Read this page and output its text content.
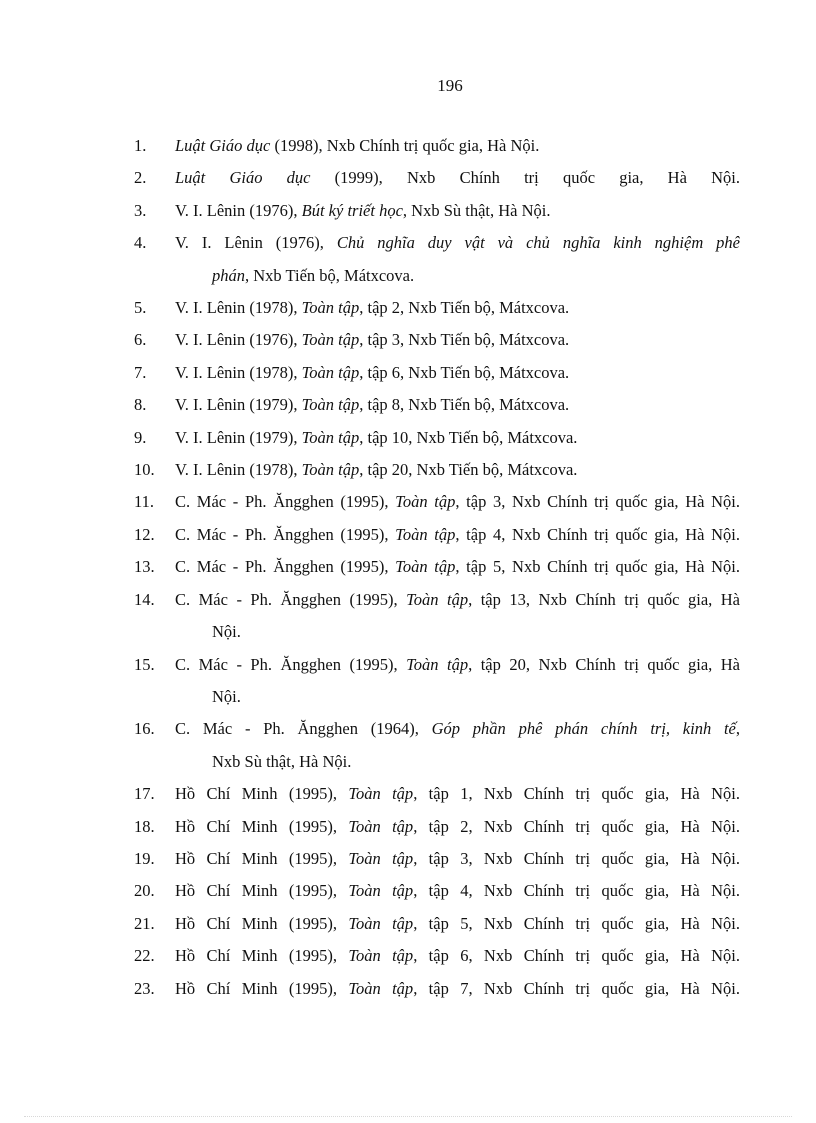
196
1. Luật Giáo dục (1998), Nxb Chính trị quốc gia, Hà Nội.
2. Luật Giáo dục (1999), Nxb Chính trị quốc gia, Hà Nội.
3. V. I. Lênin (1976), Bút ký triết học, Nxb Sù thật, Hà Nội.
4. V. I. Lênin (1976), Chủ nghĩa duy vật và chủ nghĩa kinh nghiệm phê
phán, Nxb Tiến bộ, Mátxcova.
5. V. I. Lênin (1978), Toàn tập, tập 2, Nxb Tiến bộ, Mátxcova.
6. V. I. Lênin (1976), Toàn tập, tập 3, Nxb Tiến bộ, Mátxcova.
7. V. I. Lênin (1978), Toàn tập, tập 6, Nxb Tiến bộ, Mátxcova.
8. V. I. Lênin (1979), Toàn tập, tập 8, Nxb Tiến bộ, Mátxcova.
9. V. I. Lênin (1979), Toàn tập, tập 10, Nxb Tiến bộ, Mátxcova.
10. V. I. Lênin (1978), Toàn tập, tập 20, Nxb Tiến bộ, Mátxcova.
11. C. Mác - Ph. Ăngghen (1995), Toàn tập, tập 3, Nxb Chính trị quốc gia, Hà Nội.
12. C. Mác - Ph. Ăngghen (1995), Toàn tập, tập 4, Nxb Chính trị quốc gia, Hà Nội.
13. C. Mác - Ph. Ăngghen (1995), Toàn tập, tập 5, Nxb Chính trị quốc gia, Hà Nội.
14. C. Mác - Ph. Ăngghen (1995), Toàn tập, tập 13, Nxb Chính trị quốc gia, Hà
Nội.
15. C. Mác - Ph. Ăngghen (1995), Toàn tập, tập 20, Nxb Chính trị quốc gia, Hà
Nội.
16. C. Mác - Ph. Ăngghen (1964), Góp phần phê phán chính trị, kinh tế,
Nxb Sù thật, Hà Nội.
17. Hồ Chí Minh (1995), Toàn tập, tập 1, Nxb Chính trị quốc gia, Hà Nội.
18. Hồ Chí Minh (1995), Toàn tập, tập 2, Nxb Chính trị quốc gia, Hà Nội.
19. Hồ Chí Minh (1995), Toàn tập, tập 3, Nxb Chính trị quốc gia, Hà Nội.
20. Hồ Chí Minh (1995), Toàn tập, tập 4, Nxb Chính trị quốc gia, Hà Nội.
21. Hồ Chí Minh (1995), Toàn tập, tập 5, Nxb Chính trị quốc gia, Hà Nội.
22. Hồ Chí Minh (1995), Toàn tập, tập 6, Nxb Chính trị quốc gia, Hà Nội.
23. Hồ Chí Minh (1995), Toàn tập, tập 7, Nxb Chính trị quốc gia, Hà Nội.
